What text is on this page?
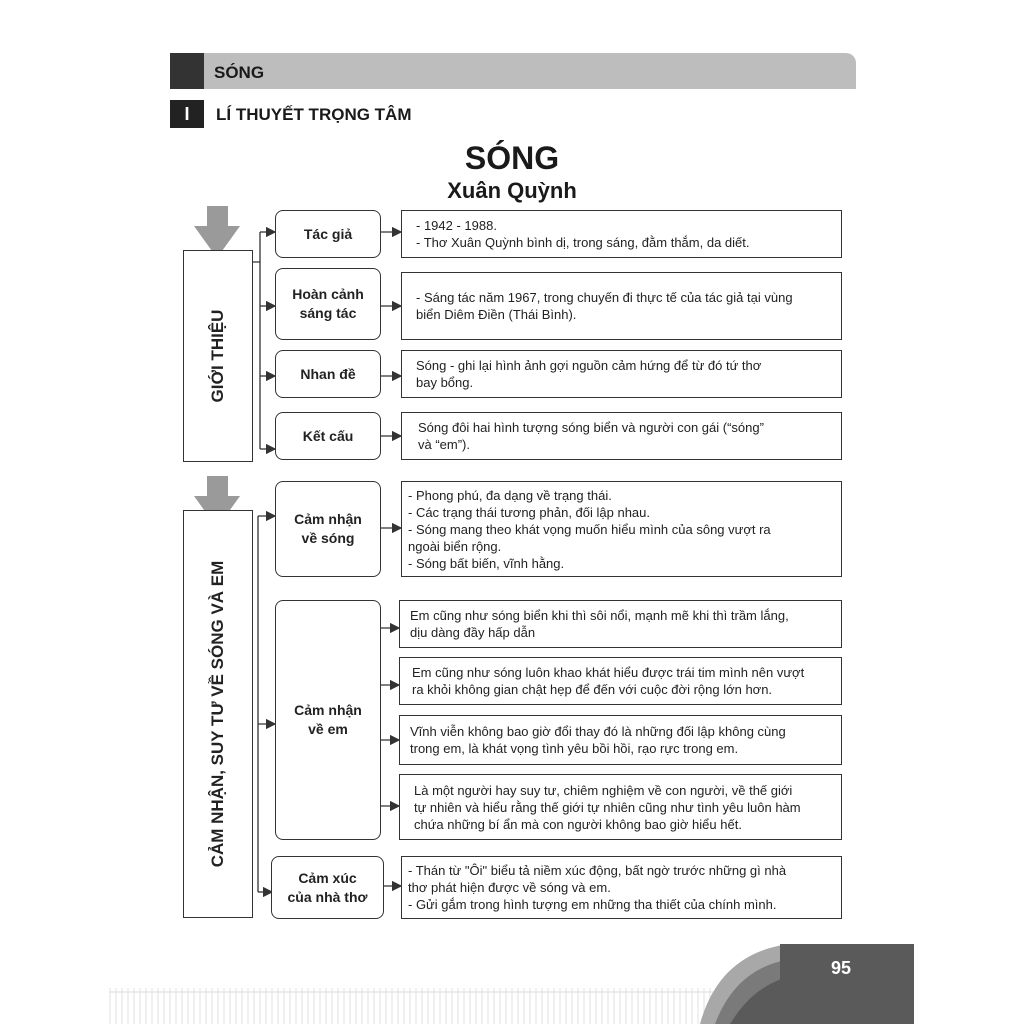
SÓNG
I	LÍ THUYẾT TRỌNG TÂM
SÓNG
Xuân Quỳnh
GIỚI THIỆU
Tác giả
Hoàn cảnh
sáng tác
Nhan đề
Kết cấu
- 1942 - 1988.
- Thơ Xuân Quỳnh bình dị, trong sáng, đằm thắm, da diết.
- Sáng tác năm 1967, trong chuyến đi thực tế của tác giả tại vùng
biển Diêm Điền (Thái Bình).
Sóng - ghi lại hình ảnh gợi nguồn cảm hứng để từ đó tứ thơ
bay bổng.
Sóng đôi hai hình tượng sóng biển và người con gái (“sóng”
và “em”).
CẢM NHẬN, SUY TƯ VỀ SÓNG VÀ EM
Cảm nhận
về sóng
Cảm nhận
về em
Cảm xúc
của nhà thơ
- Phong phú, đa dạng về trạng thái.
- Các trạng thái tương phản, đối lập nhau.
- Sóng mang theo khát vọng muốn hiểu mình của sông vượt ra
ngoài biển rộng.
- Sóng bất biến, vĩnh hằng.
Em cũng như sóng biển khi thì sôi nổi, mạnh mẽ khi thì trầm lắng,
dịu dàng đầy hấp dẫn
Em cũng như sóng luôn khao khát hiểu được trái tim mình nên vượt
ra khỏi không gian chật hẹp để đến với cuộc đời rộng lớn hơn.
Vĩnh viễn không bao giờ đổi thay đó là những đối lập không cùng
trong em, là khát vọng tình yêu bồi hồi, rạo rực trong em.
Là một người hay suy tư, chiêm nghiệm về con người, về thế giới
tự nhiên và hiểu rằng thế giới tự nhiên cũng như tình yêu luôn hàm
chứa những bí ẩn mà con người không bao giờ hiểu hết.
- Thán từ "Ôi" biểu tả niềm xúc động, bất ngờ trước những gì nhà
thơ phát hiện được về sóng và em.
- Gửi gắm trong hình tượng em những tha thiết của chính mình.
95
